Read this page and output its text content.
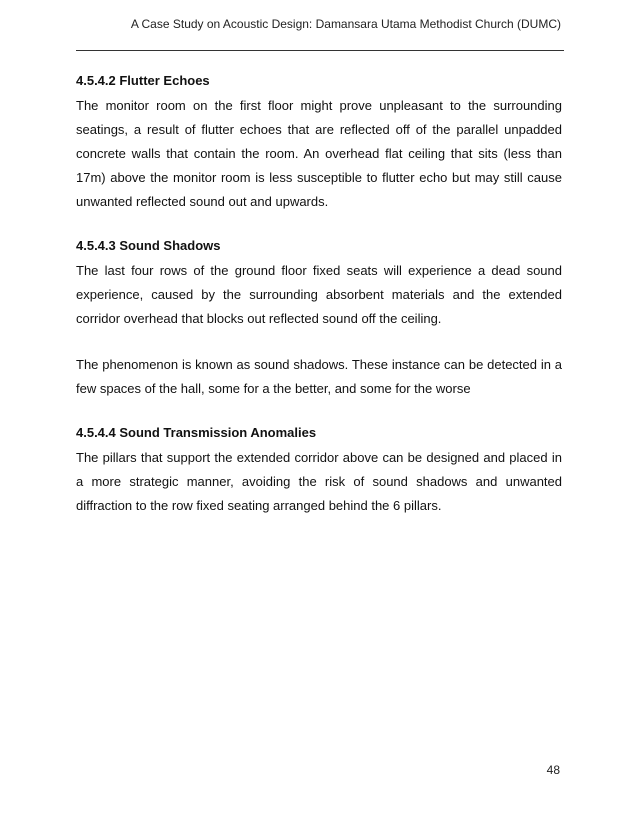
A Case Study on Acoustic Design: Damansara Utama Methodist Church (DUMC)
4.5.4.2 Flutter Echoes

The monitor room on the first floor might prove unpleasant to the surrounding seatings, a result of flutter echoes that are reflected off of the parallel unpadded concrete walls that contain the room. An overhead flat ceiling that sits (less than 17m) above the monitor room is less susceptible to flutter echo but may still cause unwanted reflected sound out and upwards.

4.5.4.3 Sound Shadows

The last four rows of the ground floor fixed seats will experience a dead sound experience, caused by the surrounding absorbent materials and the extended corridor overhead that blocks out reflected sound off the ceiling.

The phenomenon is known as sound shadows. These instance can be detected in a few spaces of the hall, some for a the better, and some for the worse

4.5.4.4 Sound Transmission Anomalies

The pillars that support the extended corridor above can be designed and placed in a more strategic manner, avoiding the risk of sound shadows and unwanted diffraction to the row fixed seating arranged behind the 6 pillars.

48
